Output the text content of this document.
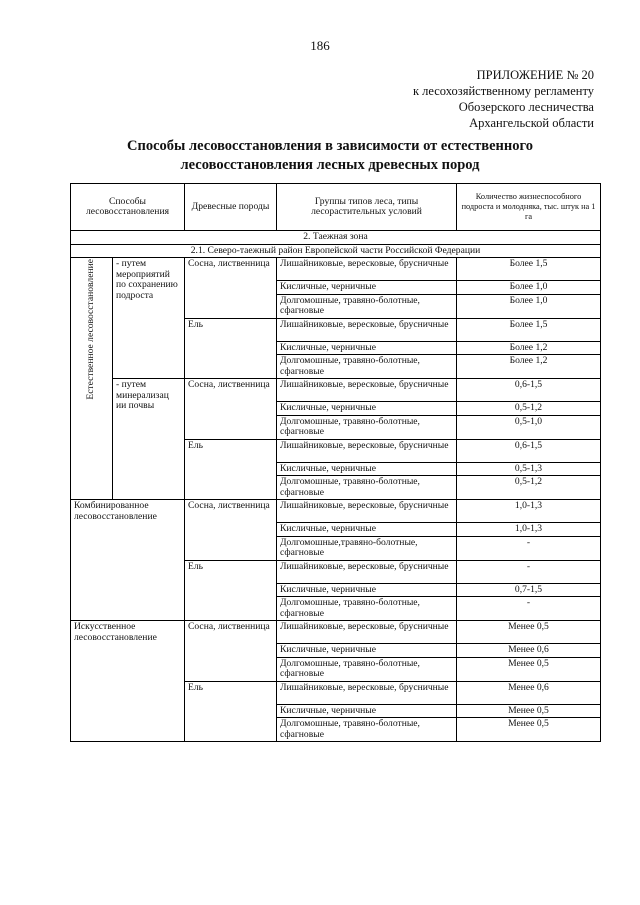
186
ПРИЛОЖЕНИЕ № 20
к лесохозяйственному регламенту
Обозерского лесничества
Архангельской области
Способы лесовосстановления в зависимости от естественного
лесовосстановления лесных древесных пород
Способы лесовосстановления		Древесные породы	Группы типов леса, типы лесорастительных условий	Количество жизнеспособного подроста и молодняка, тыс. штук на 1 га
2. Таежная зона				
2.1. Северо-таежный район Европейской части Российской Федерации				
Естественное лесовосстановление	- путем мероприятий по сохранению подроста	Сосна, лиственница	Лишайниковые, вересковые, брусничные	Более 1,5
			Кисличные, черничные	Более 1,0
			Долгомошные, травяно-болотные, сфагновые	Более 1,0
		Ель	Лишайниковые, вересковые, брусничные	Более 1,5
			Кисличные, черничные	Более 1,2
			Долгомошные, травяно-болотные, сфагновые	Более 1,2
	- путем минерализац ии почвы	Сосна, лиственница	Лишайниковые, вересковые, брусничные	0,6-1,5
			Кисличные, черничные	0,5-1,2
			Долгомошные, травяно-болотные, сфагновые	0,5-1,0
		Ель	Лишайниковые, вересковые, брусничные	0,6-1,5
			Кисличные, черничные	0,5-1,3
			Долгомошные, травяно-болотные, сфагновые	0,5-1,2
Комбинированное лесовосстановление		Сосна, лиственница	Лишайниковые, вересковые, брусничные	1,0-1,3
			Кисличные, черничные	1,0-1,3
			Долгомошные,травяно-болотные, сфагновые	-
		Ель	Лишайниковые, вересковые, брусничные	-
			Кисличные, черничные	0,7-1,5
			Долгомошные, травяно-болотные, сфагновые	-
Искусственное лесовосстановление		Сосна, лиственница	Лишайниковые, вересковые, брусничные	Менее 0,5
			Кисличные, черничные	Менее 0,6
			Долгомошные, травяно-болотные, сфагновые	Менее 0,5
		Ель	Лишайниковые, вересковые, брусничные	Менее 0,6
			Кисличные, черничные	Менее 0,5
			Долгомошные, травяно-болотные, сфагновые	Менее 0,5
